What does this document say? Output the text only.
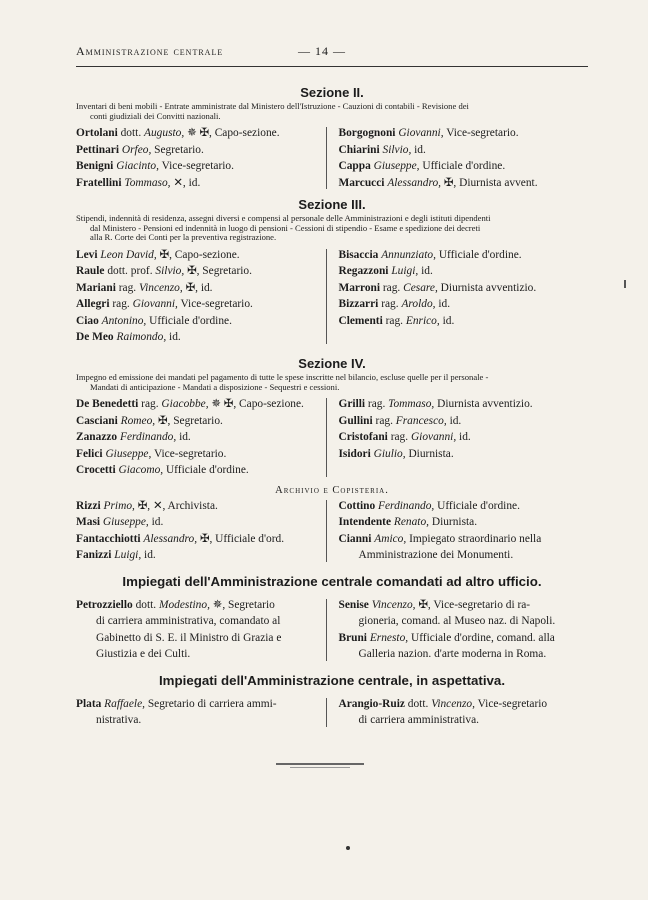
Amministrazione centrale	— 14 —
Sezione II.
Inventari di beni mobili - Entrate amministrate dal Ministero dell'Istruzione - Cauzioni di contabili - Revisione dei
conti giudiziali dei Convitti nazionali.
Ortolani dott. Augusto, ✵ ✠, Capo-sezione.
Pettinari Orfeo, Segretario.
Benigni Giacinto, Vice-segretario.
Fratellini Tommaso, ✕, id.
Borgognoni Giovanni, Vice-segretario.
Chiarini Silvio, id.
Cappa Giuseppe, Ufficiale d'ordine.
Marcucci Alessandro, ✠, Diurnista avvent.
Sezione III.
Stipendi, indennità di residenza, assegni diversi e compensi al personale delle Amministrazioni e degli istituti dipendenti
dal Ministero - Pensioni ed indennità in luogo di pensioni - Cessioni di stipendio - Esame e spedizione dei decreti
alla R. Corte dei Conti per la preventiva registrazione.
Levi Leon David, ✠, Capo-sezione.
Raule dott. prof. Silvio, ✠, Segretario.
Mariani rag. Vincenzo, ✠, id.
Allegri rag. Giovanni, Vice-segretario.
Ciao Antonino, Ufficiale d'ordine.
De Meo Raimondo, id.
Bisaccia Annunziato, Ufficiale d'ordine.
Regazzoni Luigi, id.
Marroni rag. Cesare, Diurnista avventizio.
Bizzarri rag. Aroldo, id.
Clementi rag. Enrico, id.
Sezione IV.
Impegno ed emissione dei mandati pel pagamento di tutte le spese inscritte nel bilancio, escluse quelle per il personale -
Mandati di anticipazione - Mandati a disposizione - Sequestri e cessioni.
De Benedetti rag. Giacobbe, ✵ ✠, Capo-sezione.
Casciani Romeo, ✠, Segretario.
Zanazzo Ferdinando, id.
Felici Giuseppe, Vice-segretario.
Crocetti Giacomo, Ufficiale d'ordine.
Grilli rag. Tommaso, Diurnista avventizio.
Gullini rag. Francesco, id.
Cristofani rag. Giovanni, id.
Isidori Giulio, Diurnista.
Archivio e Copisteria.
Rizzi Primo, ✠, ✕, Archivista.
Masi Giuseppe, id.
Fantacchiotti Alessandro, ✠, Ufficiale d'ord.
Fanizzi Luigi, id.
Cottino Ferdinando, Ufficiale d'ordine.
Intendente Renato, Diurnista.
Cianni Amico, Impiegato straordinario nella
Amministrazione dei Monumenti.
Impiegati dell'Amministrazione centrale comandati ad altro ufficio.
Petrozziello dott. Modestino, ✵, Segretario
di carriera amministrativa, comandato al
Gabinetto di S. E. il Ministro di Grazia e
Giustizia e dei Culti.
Senise Vincenzo, ✠, Vice-segretario di ra-
gioneria, comand. al Museo naz. di Napoli.
Bruni Ernesto, Ufficiale d'ordine, comand. alla
Galleria nazion. d'arte moderna in Roma.
Impiegati dell'Amministrazione centrale, in aspettativa.
Plata Raffaele, Segretario di carriera ammi-
nistrativa.
Arangio-Ruiz dott. Vincenzo, Vice-segretario
di carriera amministrativa.
